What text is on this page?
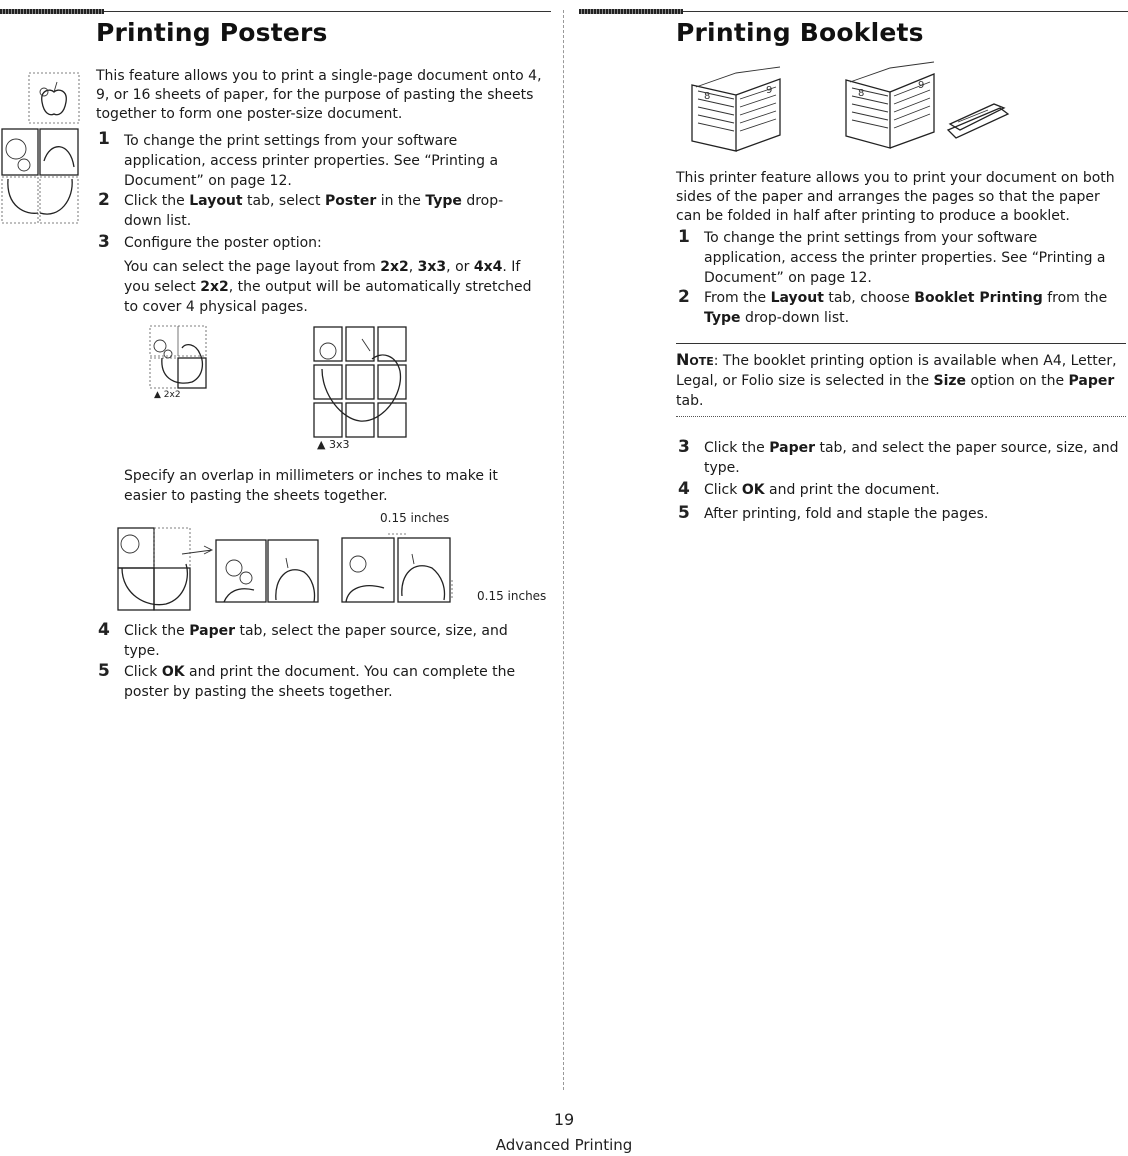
Printing Posters

This feature allows you to print a single-page document onto 4, 9, or 16 sheets of paper, for the purpose of pasting the sheets together to form one poster-size document.

1 To change the print settings from your software application, access printer properties. See “Printing a Document” on page 12.

2 Click the Layout tab, select Poster in the Type drop-down list.

3 Configure the poster option:

You can select the page layout from 2x2, 3x3, or 4x4. If you select 2x2, the output will be automatically stretched to cover 4 physical pages.

▲ 2x2
▲ 3x3

Specify an overlap in millimeters or inches to make it easier to pasting the sheets together.

0.15 inches
0.15 inches
4 Click the Paper tab, select the paper source, size, and type.

5 Click OK and print the document. You can complete the poster by pasting the sheets together.

Printing Booklets
8
9	8
9

This printer feature allows you to print your document on both sides of the paper and arranges the pages so that the paper can be folded in half after printing to produce a booklet.

1 To change the print settings from your software application, access the printer properties. See “Printing a Document” on page 12.

2 From the Layout tab, choose Booklet Printing from the Type drop-down list.

Note: The booklet printing option is available when A4, Letter, Legal, or Folio size is selected in the Size option on the Paper tab.

3 Click the Paper tab, and select the paper source, size, and type.

4 Click OK and print the document.

5 After printing, fold and staple the pages.

19
Advanced Printing
